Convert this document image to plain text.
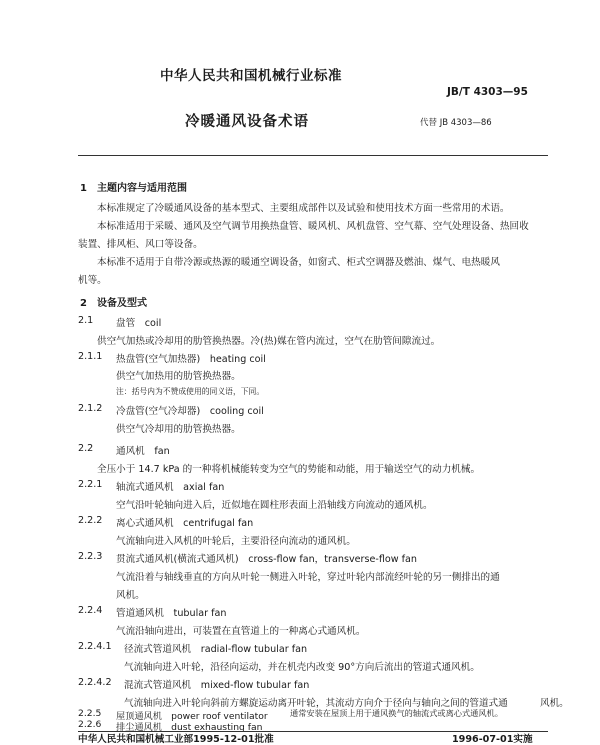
中华人民共和国机械行业标准
JB/T 4303—95
冷暖通风设备术语	代替 JB 4303—86
1　主题内容与适用范围
本标准规定了冷暖通风设备的基本型式、主要组成部件以及试验和使用技术方面一些常用的术语。
本标准适用于采暖、通风及空气调节用换热盘管、暖风机、风机盘管、空气幕、空气处理设备、热回收
装置、排风柜、风口等设备。
本标准不适用于自带冷源或热源的暖通空调设备，如窗式、柜式空调器及燃油、煤气、电热暖风
机等。
2　设备及型式
2.1 盘管　coil
供空气加热或冷却用的肋管换热器。冷(热)媒在管内流过，空气在肋管间隙流过。
2.1.1 热盘管(空气加热器)　heating coil
供空气加热用的肋管换热器。
注：括号内为不赞成使用的同义语，下同。
2.1.2 冷盘管(空气冷却器)　cooling coil
供空气冷却用的肋管换热器。
2.2 通风机　fan
全压小于 14.7 kPa 的一种将机械能转变为空气的势能和动能，用于输送空气的动力机械。
2.2.1 轴流式通风机　axial fan
空气沿叶轮轴向进入后，近似地在圆柱形表面上沿轴线方向流动的通风机。
2.2.2 离心式通风机　centrifugal fan
气流轴向进入风机的叶轮后，主要沿径向流动的通风机。
2.2.3 贯流式通风机(横流式通风机)　cross-flow fan，transverse-flow fan
气流沿着与轴线垂直的方向从叶轮一侧进入叶轮，穿过叶轮内部流经叶轮的另一侧排出的通
风机。
2.2.4 管道通风机　tubular fan
气流沿轴向进出，可装置在直管道上的一种离心式通风机。
2.2.4.1 径流式管道风机　radial-flow tubular fan
气流轴向进入叶轮，沿径向运动，并在机壳内改变 90°方向后流出的管道式通风机。
2.2.4.2 混流式管道风机　mixed-flow tubular fan
气流轴向进入叶轮向斜前方螺旋运动离开叶轮，其流动方向介于径向与轴向之间的管道式通	风机。
2.2.5 屋顶通风机　power roof ventilator	通常安装在屋顶上用于通风换气的轴流式或离心式通风机。
2.2.6 排尘通风机　dust exhausting fan
中华人民共和国机械工业部1995-12-01批准	1996-07-01实施
